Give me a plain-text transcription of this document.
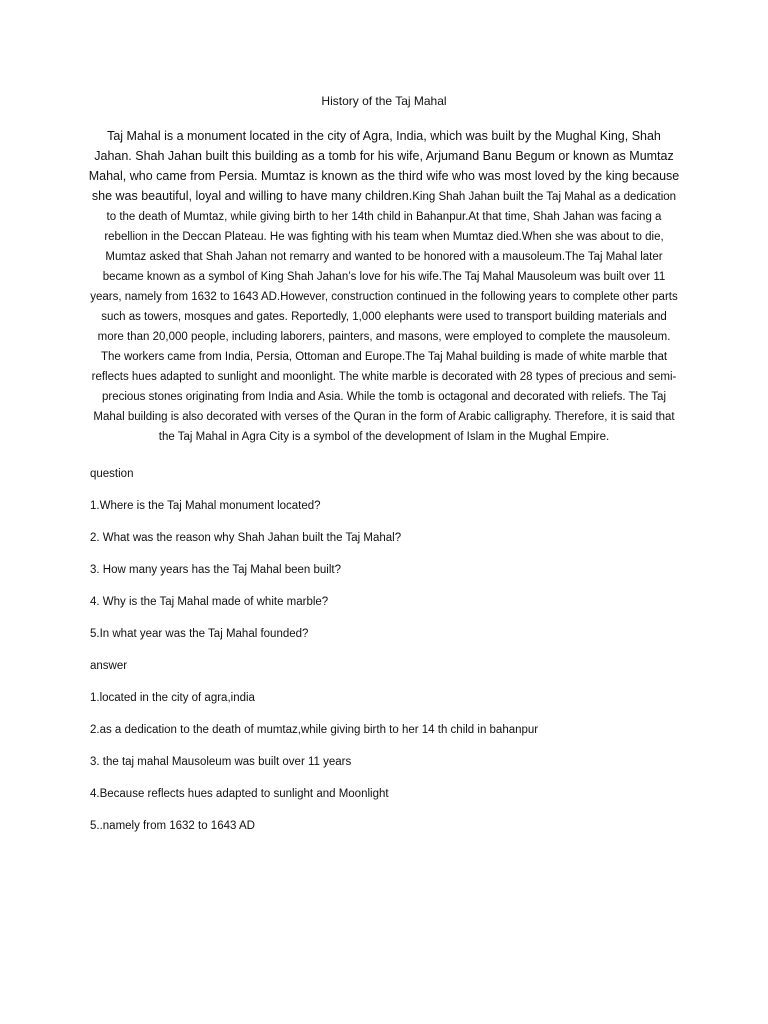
History of the Taj Mahal
Taj Mahal is a monument located in the city of Agra, India, which was built by the Mughal King, Shah Jahan. Shah Jahan built this building as a tomb for his wife, Arjumand Banu Begum or known as Mumtaz Mahal, who came from Persia. Mumtaz is known as the third wife who was most loved by the king because she was beautiful, loyal and willing to have many children.King Shah Jahan built the Taj Mahal as a dedication to the death of Mumtaz, while giving birth to her 14th child in Bahanpur.At that time, Shah Jahan was facing a rebellion in the Deccan Plateau. He was fighting with his team when Mumtaz died.When she was about to die, Mumtaz asked that Shah Jahan not remarry and wanted to be honored with a mausoleum.The Taj Mahal later became known as a symbol of King Shah Jahan’s love for his wife.The Taj Mahal Mausoleum was built over 11 years, namely from 1632 to 1643 AD.However, construction continued in the following years to complete other parts such as towers, mosques and gates. Reportedly, 1,000 elephants were used to transport building materials and more than 20,000 people, including laborers, painters, and masons, were employed to complete the mausoleum. The workers came from India, Persia, Ottoman and Europe.The Taj Mahal building is made of white marble that reflects hues adapted to sunlight and moonlight. The white marble is decorated with 28 types of precious and semi-precious stones originating from India and Asia. While the tomb is octagonal and decorated with reliefs. The Taj Mahal building is also decorated with verses of the Quran in the form of Arabic calligraphy. Therefore, it is said that the Taj Mahal in Agra City is a symbol of the development of Islam in the Mughal Empire.
question
1.Where is the Taj Mahal monument located?
2. What was the reason why Shah Jahan built the Taj Mahal?
3. How many years has the Taj Mahal been built?
4. Why is the Taj Mahal made of white marble?
5.In what year was the Taj Mahal founded?
answer
1.located in the city of agra,india
2.as a dedication to the death of mumtaz,while giving birth to her 14 th child in bahanpur
3. the taj mahal Mausoleum was built over 11 years
4.Because reflects hues adapted to sunlight and Moonlight
5..namely from 1632 to 1643 AD
